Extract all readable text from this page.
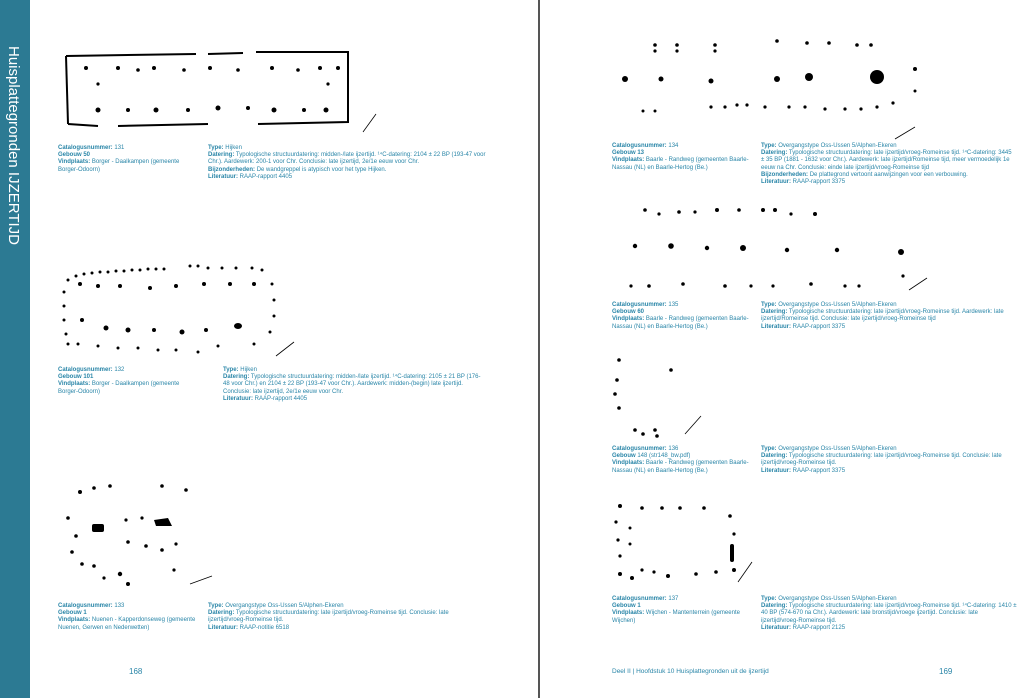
Huisplattegronden IJZERTIJD	Catalogusnummer: 131
Gebouw 50
Vindplaats: Borger - Daalkampen (gemeente Borger-Odoorn)
Type: Hijken
Datering: Typologische structuurdatering: midden-/late ijzertijd. ¹⁴C-datering: 2104 ± 22 BP (193-47 voor Chr.). Aardewerk: 200-1 voor Chr. Conclusie: late ijzertijd, 2e/1e eeuw voor Chr.
Bijzonderheden: De wandgreppel is atypisch voor het type Hijken.
Literatuur: RAAP-rapport 4405
Catalogusnummer: 132
Gebouw 101
Vindplaats: Borger - Daalkampen (gemeente Borger-Odoorn)
Type: Hijken
Datering: Typologische structuurdatering: midden-/late ijzertijd. ¹⁴C-datering: 2105 ± 21 BP (176-48 voor Chr.) en 2104 ± 22 BP (193-47 voor Chr.). Aardewerk: midden-(begin) late ijzertijd. Conclusie: late ijzertijd, 2e/1e eeuw voor Chr.
Literatuur: RAAP-rapport 4405
Catalogusnummer: 133
Gebouw 1
Vindplaats: Nuenen - Kapperdonseweg (gemeente Nuenen, Gerwen en Nederwetten)
Type: Overgangstype Oss-Ussen 5/Alphen-Ekeren
Datering: Typologische structuurdatering: late ijzertijd/vroeg-Romeinse tijd. Conclusie: late ijzertijd/vroeg-Romeinse tijd.
Literatuur: RAAP-notitie 6518
Catalogusnummer: 134
Gebouw 13
Vindplaats: Baarle - Randweg (gemeenten Baarle-Nassau (NL) en Baarle-Hertog (Be.)
Type: Overgangstype Oss-Ussen 5/Alphen-Ekeren
Datering: Typologische structuurdatering: late ijzertijd/vroeg-Romeinse tijd. ¹⁴C-datering: 3445 ± 35 BP (1881 - 1632 voor Chr.). Aardewerk: late ijzertijd/Romeinse tijd, meer vermoedelijk 1e eeuw na Chr. Conclusie: einde late ijzertijd/vroeg-Romeinse tijd
Bijzonderheden: De plattegrond vertoont aanwijzingen voor een verbouwing.
Literatuur: RAAP-rapport 3375
Catalogusnummer: 135
Gebouw 60
Vindplaats: Baarle - Randweg (gemeenten Baarle-Nassau (NL) en Baarle-Hertog (Be.)
Type: Overgangstype Oss-Ussen 5/Alphen-Ekeren
Datering: Typologische structuurdatering: late ijzertijd/vroeg-Romeinse tijd. Aardewerk: late ijzertijd/Romeinse tijd. Conclusie: late ijzertijd/vroeg-Romeinse tijd
Literatuur: RAAP-rapport 3375
Catalogusnummer: 136
Gebouw 148 (str148_bw.pdf)
Vindplaats: Baarle - Randweg (gemeenten Baarle-Nassau (NL) en Baarle-Hertog (Be.)
Type: Overgangstype Oss-Ussen 5/Alphen-Ekeren
Datering: Typologische structuurdatering: late ijzertijd/vroeg-Romeinse tijd. Conclusie: late ijzertijd/vroeg-Romeinse tijd.
Literatuur: RAAP-rapport 3375
Catalogusnummer: 137
Gebouw 1
Vindplaats: Wijchen - Mantenterrein (gemeente Wijchen)
Type: Overgangstype Oss-Ussen 5/Alphen-Ekeren
Datering: Typologische structuurdatering: late ijzertijd/vroeg-Romeinse tijd. ¹⁴C-datering: 1410 ± 40 BP (574-670 na Chr.). Aardewerk: late bronstijd/vroege ijzertijd. Conclusie: late ijzertijd/vroeg-Romeinse tijd.
Literatuur: RAAP-rapport 2125
168	Deel II | Hoofdstuk 10 Huisplattegronden uit de ijzertijd	169
